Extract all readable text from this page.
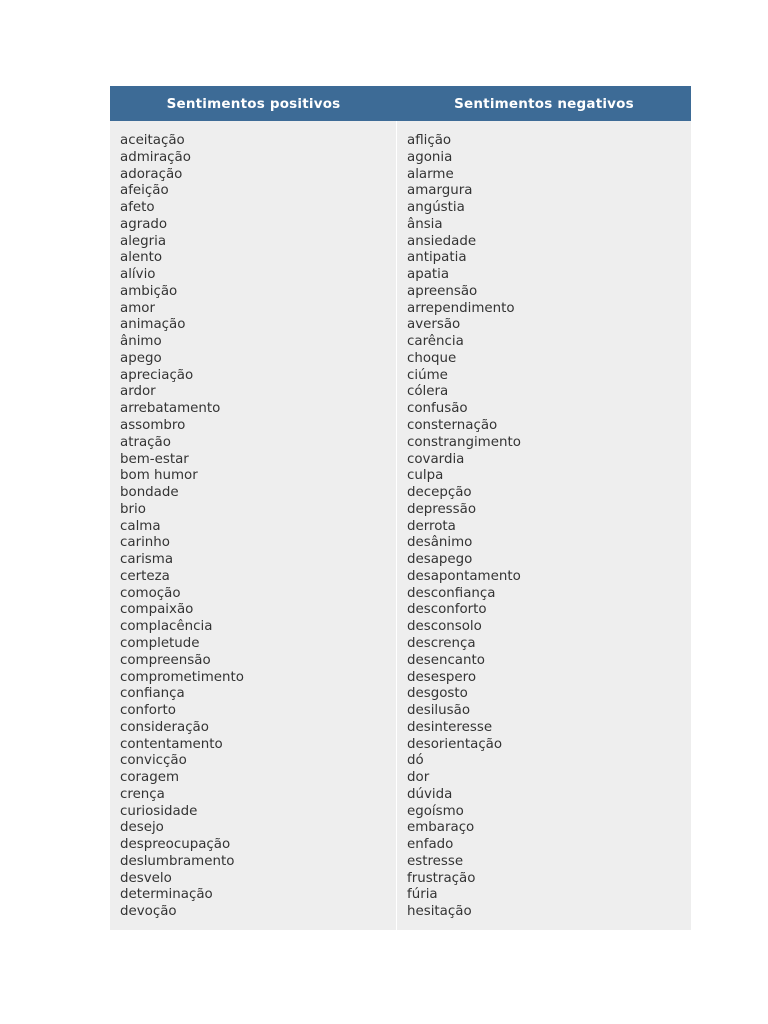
Sentimentos positivos	Sentimentos negativos
aceitação
admiração
adoração
afeição
afeto
agrado
alegria
alento
alívio
ambição
amor
animação
ânimo
apego
apreciação
ardor
arrebatamento
assombro
atração
bem-estar
bom humor
bondade
brio
calma
carinho
carisma
certeza
comoção
compaixão
complacência
completude
compreensão
comprometimento
confiança
conforto
consideração
contentamento
convicção
coragem
crença
curiosidade
desejo
despreocupação
deslumbramento
desvelo
determinação
devoção
aflição
agonia
alarme
amargura
angústia
ânsia
ansiedade
antipatia
apatia
apreensão
arrependimento
aversão
carência
choque
ciúme
cólera
confusão
consternação
constrangimento
covardia
culpa
decepção
depressão
derrota
desânimo
desapego
desapontamento
desconfiança
desconforto
desconsolo
descrença
desencanto
desespero
desgosto
desilusão
desinteresse
desorientação
dó
dor
dúvida
egoísmo
embaraço
enfado
estresse
frustração
fúria
hesitação
